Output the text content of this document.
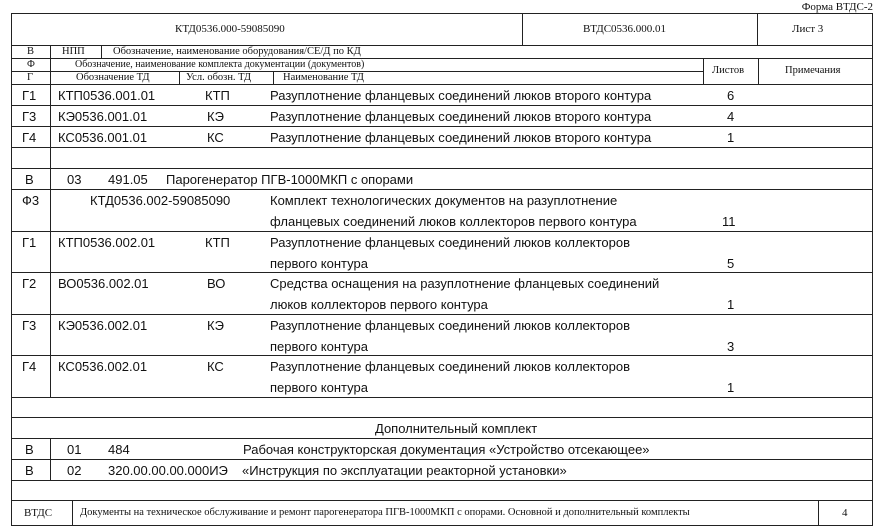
Форма ВТДС-2
КТД0536.000-59085090	ВТДС0536.000.01	Лист 3
В	НПП	Обозначение, наименование оборудования/СЕ/Д по КД
Ф	Обозначение, наименование комплекта документации (документов)
Г	Обозначение ТД	Усл. обозн. ТД	Наименование ТД
Листов	Примечания
Г1 КТП0536.001.01	КТП	Разуплотнение фланцевых соединений люков второго контура	6
Г3 КЭ0536.001.01	КЭ	Разуплотнение фланцевых соединений люков второго контура	4
Г4 КС0536.001.01	КС	Разуплотнение фланцевых соединений люков второго контура	1
В	03 491.05 Парогенератор ПГВ-1000МКП с опорами
Ф3	КТД0536.002-59085090	Комплект технологических документов на разуплотнение
фланцевых соединений люков коллекторов первого контура	11
Г1 КТП0536.002.01	КТП	Разуплотнение фланцевых соединений люков коллекторов
первого контура	5
Г2 ВО0536.002.01	ВО	Средства оснащения на разуплотнение фланцевых соединений
люков коллекторов первого контура	1
Г3 КЭ0536.002.01	КЭ	Разуплотнение фланцевых соединений люков коллекторов
первого контура	3
Г4 КС0536.002.01	КС	Разуплотнение фланцевых соединений люков коллекторов
первого контура	1
Дополнительный комплект
В	01 484	Рабочая конструкторская документация «Устройство отсекающее»
В	02 320.00.00.00.000ИЭ «Инструкция по эксплуатации реакторной установки»
ВТДС	Документы на техническое обслуживание и ремонт парогенератора ПГВ-1000МКП с опорами. Основной и дополнительный комплекты	4
